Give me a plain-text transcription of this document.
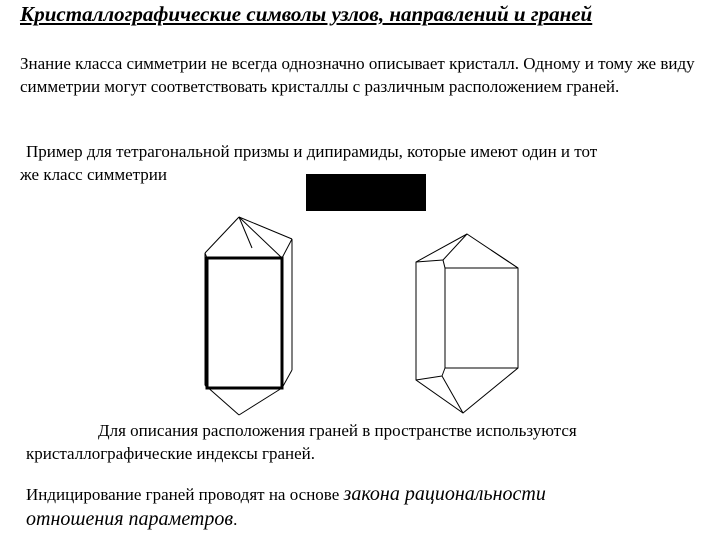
Кристаллографические символы узлов, направлений и граней

Знание класса симметрии не всегда однозначно описывает кристалл. Одному и тому же виду симметрии могут соответствовать кристаллы с различным расположением граней.

Пример для тетрагональной призмы и дипирамиды, которые имеют один и тот
же класс симметрии

Для описания расположения граней в пространстве используются
кристаллографические индексы граней.

Индицирование граней проводят на основе закона рациональности
отношения параметров.
